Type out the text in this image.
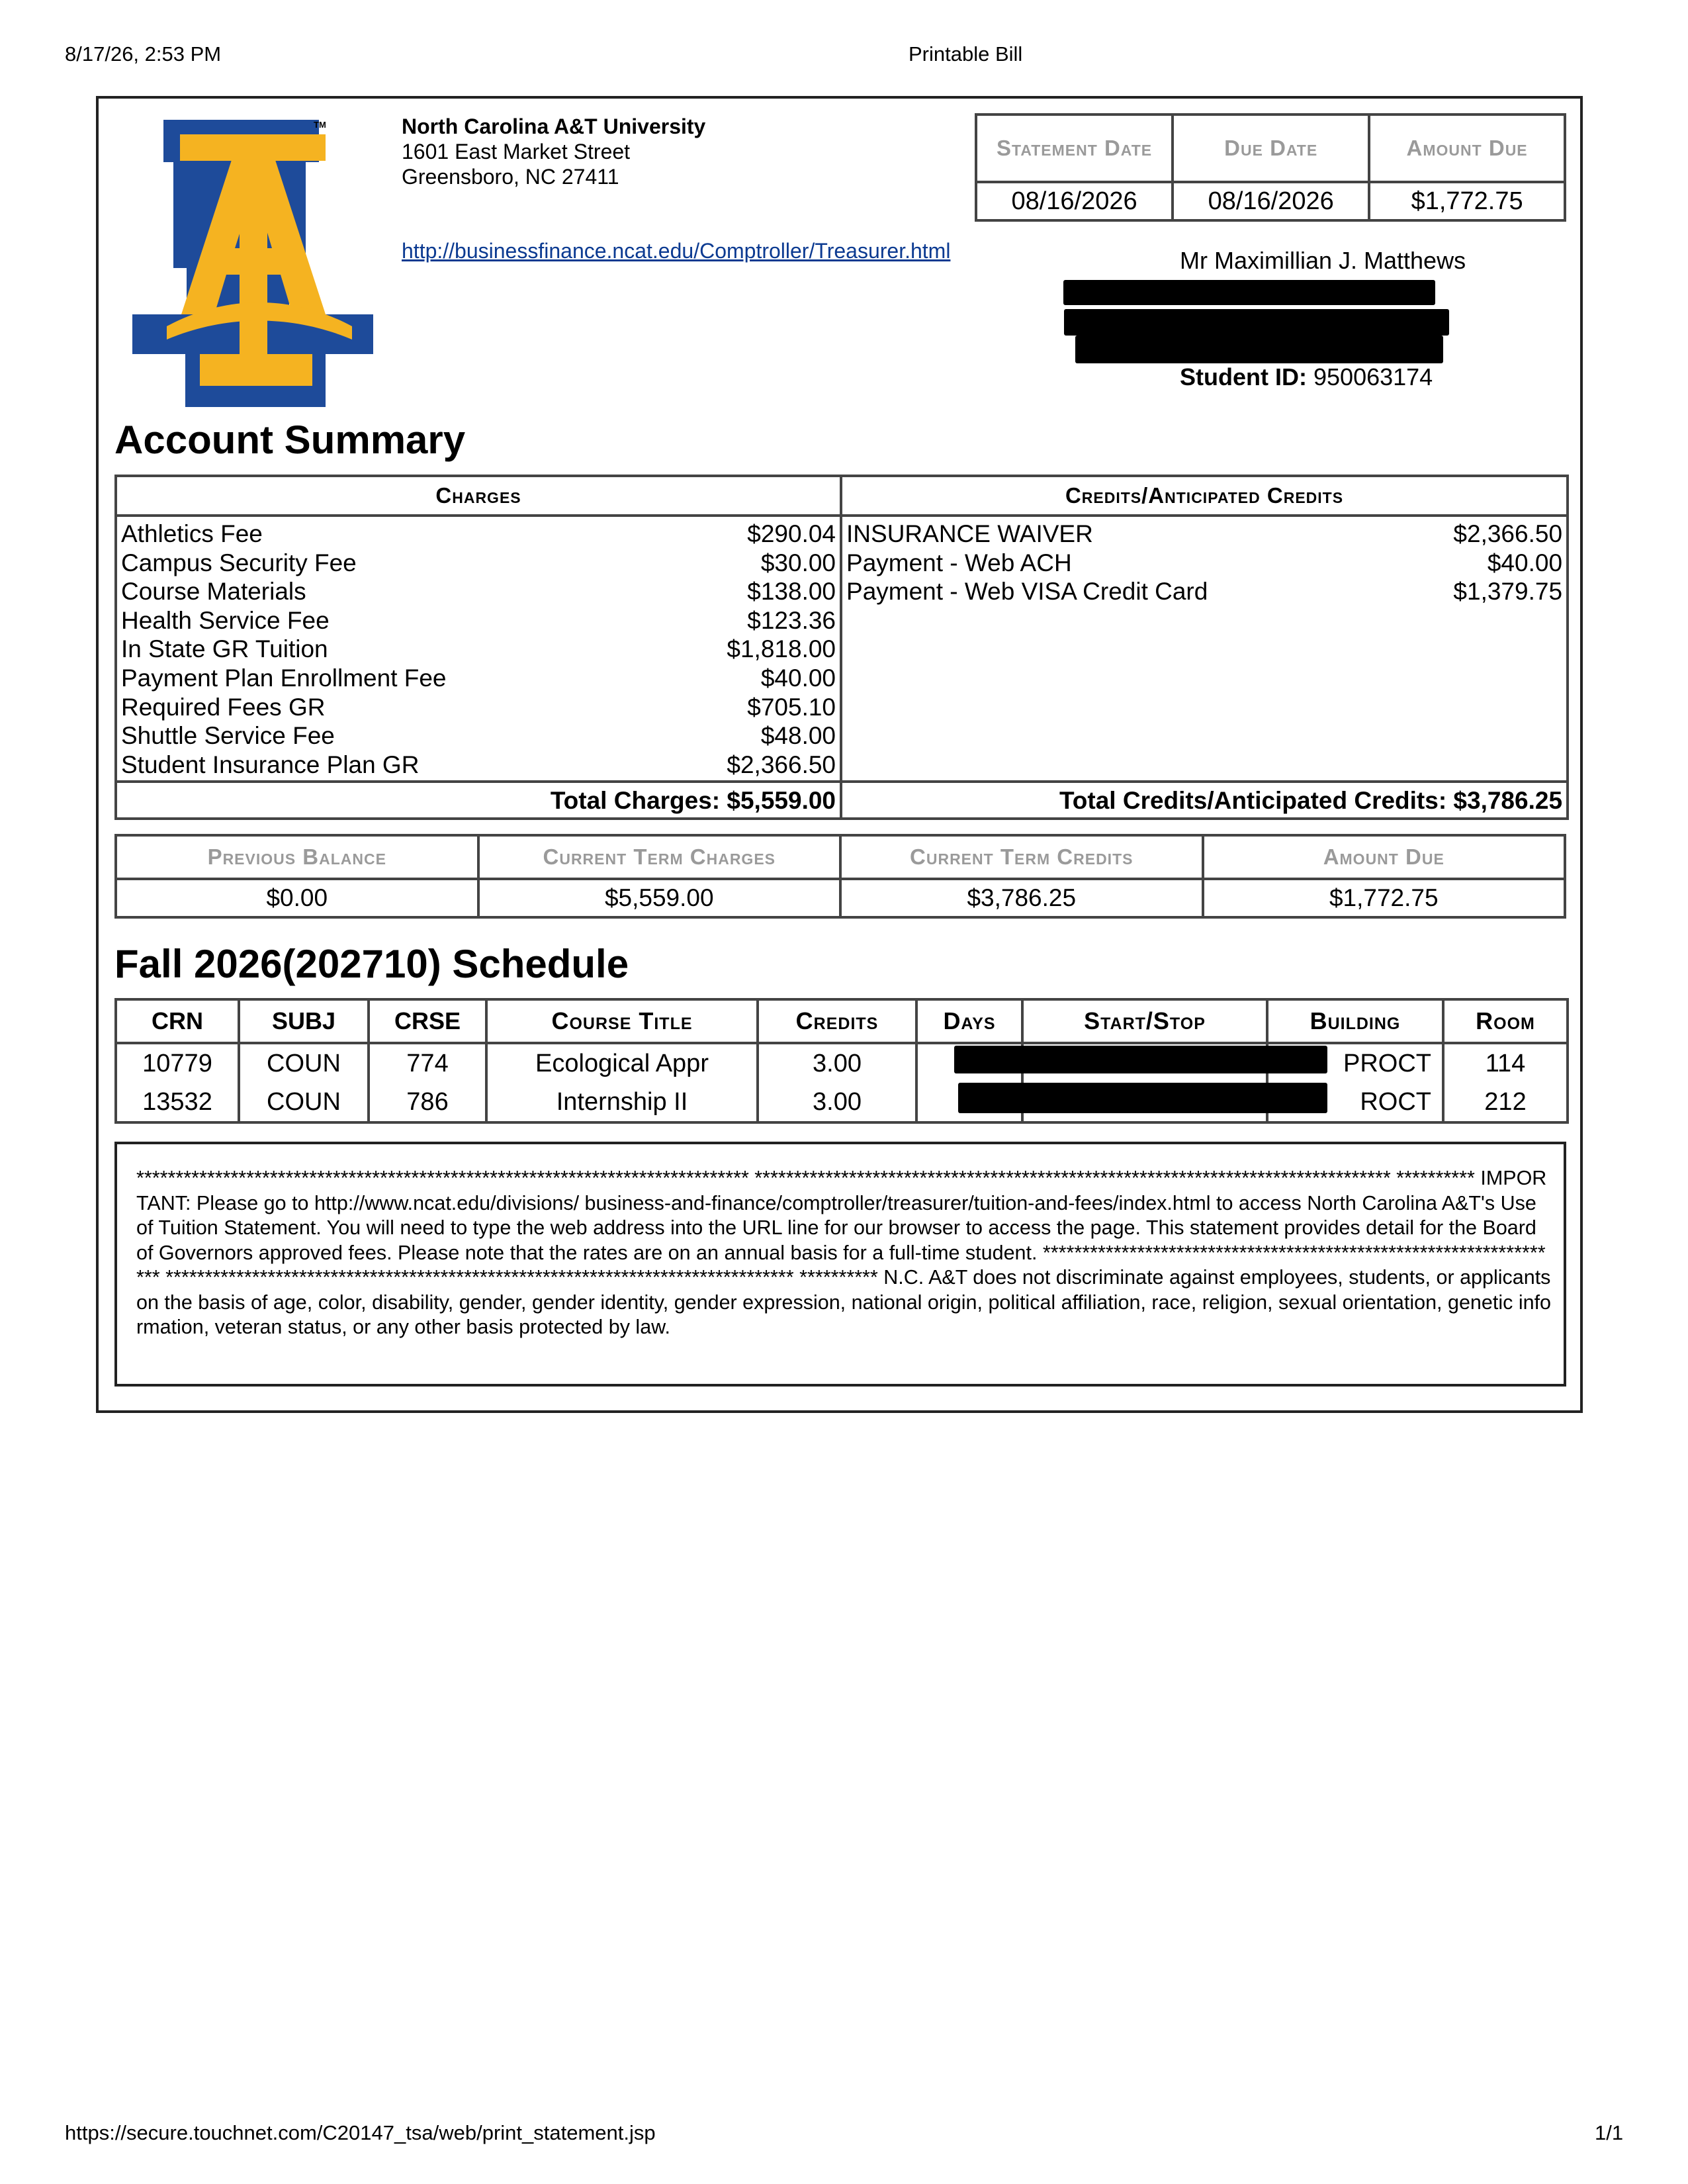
8/17/26, 2:53 PM	Printable Bill
https://secure.touchnet.com/C20147_tsa/web/print_statement.jsp	1/1
TM	North Carolina A&T University
1601 East Market Street
Greensboro, NC 27411
http://businessfinance.ncat.edu/Comptroller/Treasurer.html
Statement Date	Due Date	Amount Due
08/16/2026	08/16/2026	$1,772.75
Mr Maximillian J. Matthews
Student ID: 950063174
Account Summary
Charges		Credits/Anticipated Credits	
Athletics Fee	$290.04	INSURANCE WAIVER	$2,366.50
Campus Security Fee	$30.00	Payment - Web ACH	$40.00
Course Materials	$138.00	Payment - Web VISA Credit Card	$1,379.75
Health Service Fee	$123.36		
In State GR Tuition	$1,818.00		
Payment Plan Enrollment Fee	$40.00		
Required Fees GR	$705.10		
Shuttle Service Fee	$48.00		
Student Insurance Plan GR	$2,366.50		
Total Charges: $5,559.00		Total Credits/Anticipated Credits: $3,786.25	
Previous Balance	Current Term Charges	Current Term Credits	Amount Due
$0.00	$5,559.00	$3,786.25	$1,772.75
Fall 2026(202710) Schedule
CRN	SUBJ	CRSE	Course Title	Credits	Days	Start/Stop	Building	Room
10779	COUN	774	Ecological Appr	3.00			PROCT	114
13532	COUN	786	Internship II	3.00			ROCT	212
****************************************************************************** ********************************************************************************* ********** IMPORTANT: Please go to http://www.ncat.edu/divisions/ business-and-finance/comptroller/treasurer/tuition-and-fees/index.html to access North Carolina A&T's Use of Tuition Statement. You will need to type the web address into the URL line for our browser to access the page. This statement provides detail for the Board of Governors approved fees. Please note that the rates are on an annual basis for a full-time student. ******************************************************************* ******************************************************************************** ********** N.C. A&T does not discriminate against employees, students, or applicants on the basis of age, color, disability, gender, gender identity, gender expression, national origin, political affiliation, race, religion, sexual orientation, genetic information, veteran status, or any other basis protected by law.
